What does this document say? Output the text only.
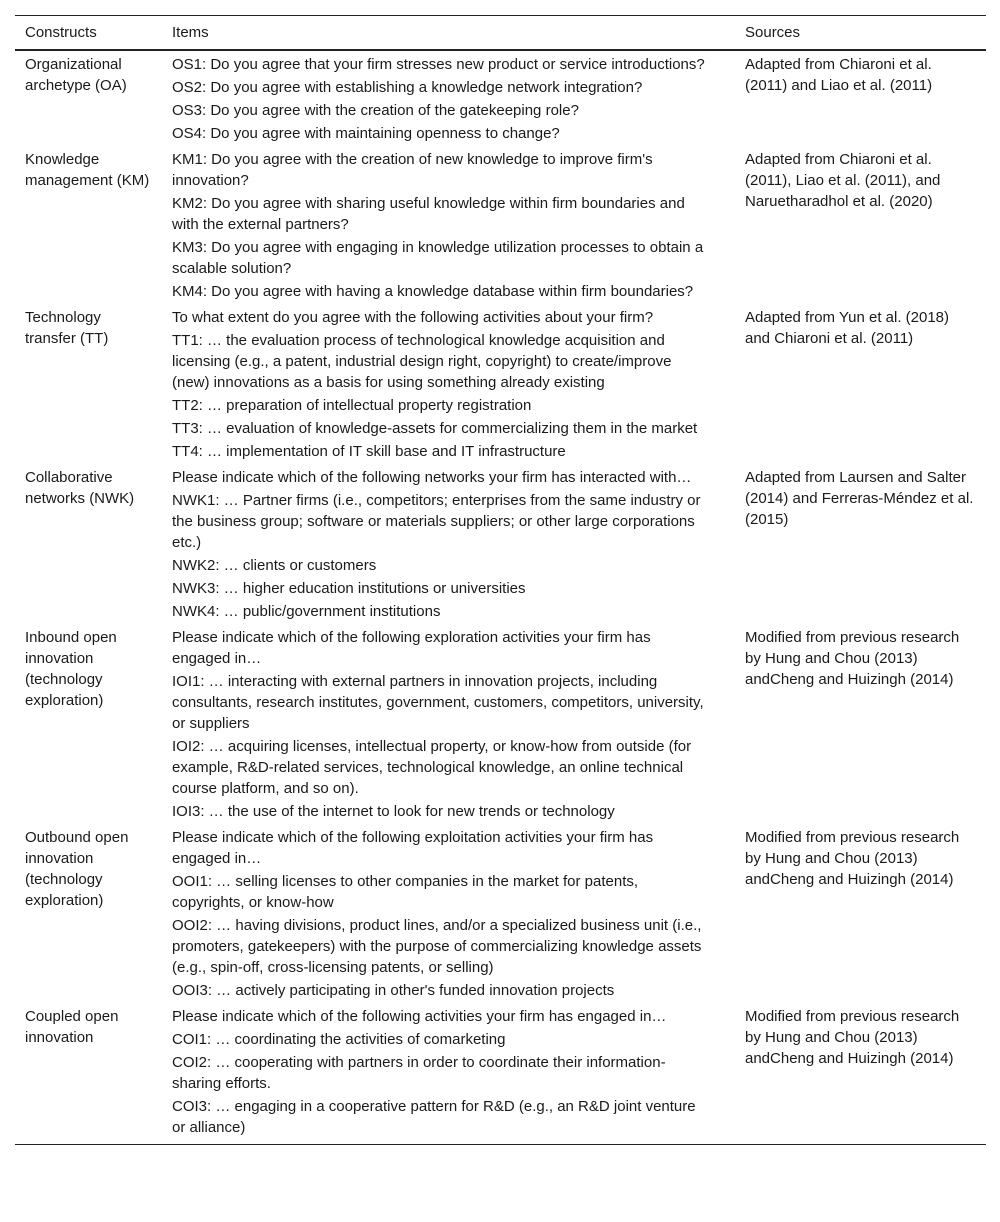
Constructs	Items	Sources

Organizational archetype (OA)	OS1: Do you agree that your firm stresses new product or service introductions?
OS2: Do you agree with establishing a knowledge network integration?
OS3: Do you agree with the creation of the gatekeeping role?
OS4: Do you agree with maintaining openness to change?	Adapted from Chiaroni et al. (2011) and Liao et al. (2011)

Knowledge management (KM)	KM1: Do you agree with the creation of new knowledge to improve firm's innovation?
KM2: Do you agree with sharing useful knowledge within firm boundaries and with the external partners?
KM3: Do you agree with engaging in knowledge utilization processes to obtain a scalable solution?
KM4: Do you agree with having a knowledge database within firm boundaries?	Adapted from Chiaroni et al. (2011), Liao et al. (2011), and Naruetharadhol et al. (2020)

Technology transfer (TT)	To what extent do you agree with the following activities about your firm?
TT1: … the evaluation process of technological knowledge acquisition and licensing (e.g., a patent, industrial design right, copyright) to create/improve (new) innovations as a basis for using something already existing
TT2: … preparation of intellectual property registration
TT3: … evaluation of knowledge-assets for commercializing them in the market
TT4: … implementation of IT skill base and IT infrastructure	Adapted from Yun et al. (2018) and Chiaroni et al. (2011)

Collaborative networks (NWK)	Please indicate which of the following networks your firm has interacted with…
NWK1: … Partner firms (i.e., competitors; enterprises from the same industry or the business group; software or materials suppliers; or other large corporations etc.)
NWK2: … clients or customers
NWK3: … higher education institutions or universities
NWK4: … public/government institutions	Adapted from Laursen and Salter (2014) and Ferreras-Méndez et al. (2015)

Inbound open innovation (technology exploration)	Please indicate which of the following exploration activities your firm has engaged in…
IOI1: … interacting with external partners in innovation projects, including consultants, research institutes, government, customers, competitors, university, or suppliers
IOI2: … acquiring licenses, intellectual property, or know-how from outside (for example, R&D-related services, technological knowledge, an online technical course platform, and so on).
IOI3: … the use of the internet to look for new trends or technology	Modified from previous research by Hung and Chou (2013) andCheng and Huizingh (2014)

Outbound open innovation (technology exploration)	Please indicate which of the following exploitation activities your firm has engaged in…
OOI1: … selling licenses to other companies in the market for patents, copyrights, or know-how
OOI2: … having divisions, product lines, and/or a specialized business unit (i.e., promoters, gatekeepers) with the purpose of commercializing knowledge assets (e.g., spin-off, cross-licensing patents, or selling)
OOI3: … actively participating in other's funded innovation projects	Modified from previous research by Hung and Chou (2013) andCheng and Huizingh (2014)

Coupled open innovation	Please indicate which of the following activities your firm has engaged in…
COI1: … coordinating the activities of comarketing
COI2: … cooperating with partners in order to coordinate their information-sharing efforts.
COI3: … engaging in a cooperative pattern for R&D (e.g., an R&D joint venture or alliance)	Modified from previous research by Hung and Chou (2013) andCheng and Huizingh (2014)
